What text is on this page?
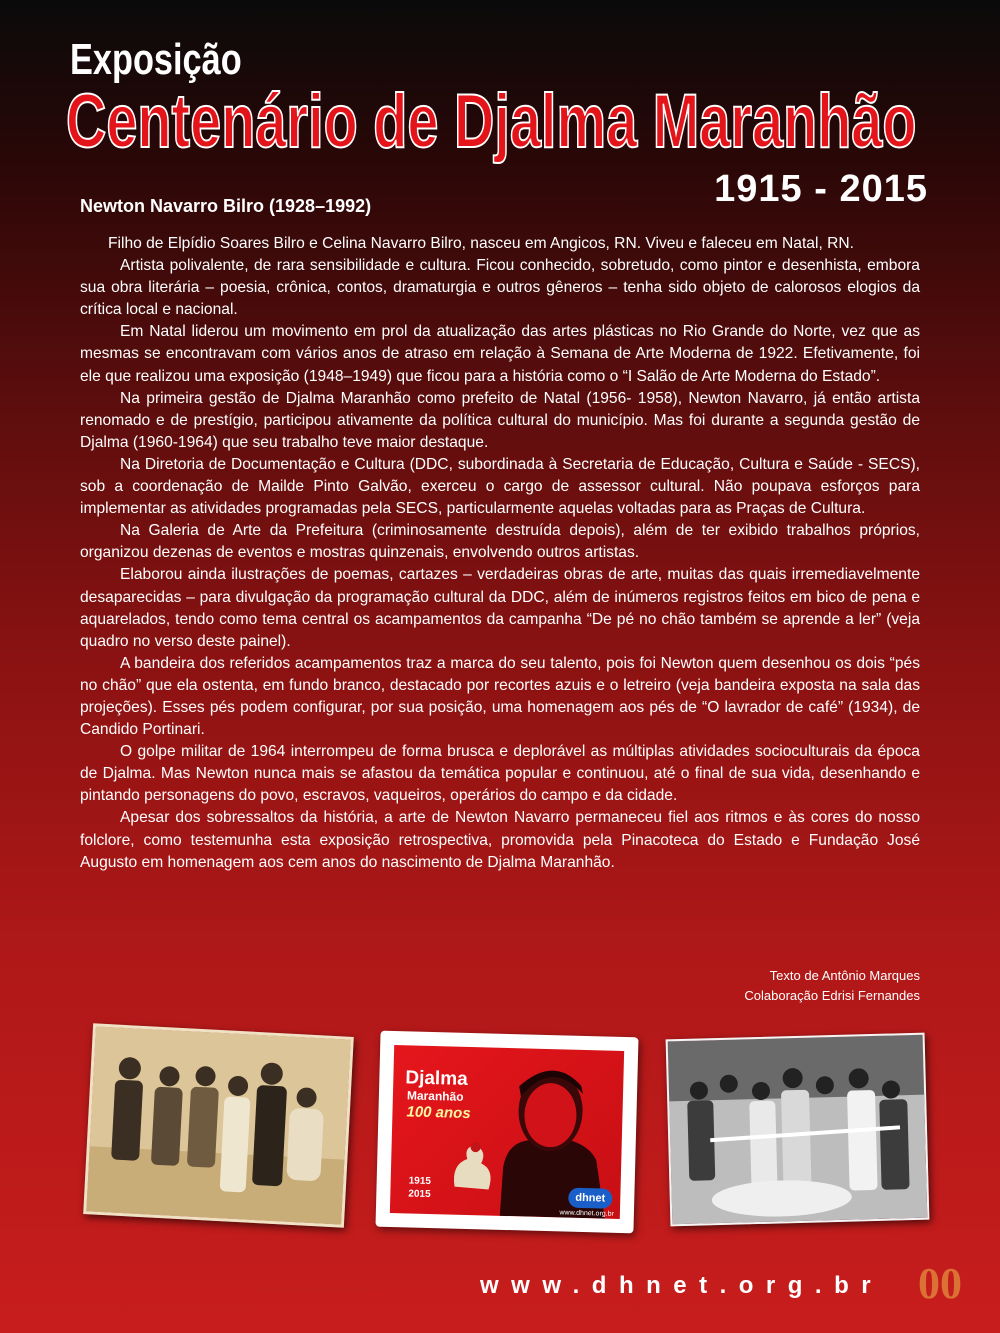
Exposição
Centenário de Djalma Maranhão
1915 - 2015
Newton Navarro Bilro (1928–1992)

Filho de Elpídio Soares Bilro e Celina Navarro Bilro, nasceu em Angicos, RN. Viveu e faleceu em Natal, RN.

Artista polivalente, de rara sensibilidade e cultura. Ficou conhecido, sobretudo, como pintor e desenhista, embora sua obra literária – poesia, crônica, contos, dramaturgia e outros gêneros – tenha sido objeto de calorosos elogios da crítica local e nacional.

Em Natal liderou um movimento em prol da atualização das artes plásticas no Rio Grande do Norte, vez que as mesmas se encontravam com vários anos de atraso em relação à Semana de Arte Moderna de 1922. Efetivamente, foi ele que realizou uma exposição (1948–1949) que ficou para a história como o “I Salão de Arte Moderna do Estado”.

Na primeira gestão de Djalma Maranhão como prefeito de Natal (1956- 1958), Newton Navarro, já então artista renomado e de prestígio, participou ativamente da política cultural do município. Mas foi durante a segunda gestão de Djalma (1960-1964) que seu trabalho teve maior destaque.

Na Diretoria de Documentação e Cultura (DDC, subordinada à Secretaria de Educação, Cultura e Saúde - SECS), sob a coordenação de Mailde Pinto Galvão, exerceu o cargo de assessor cultural. Não poupava esforços para implementar as atividades programadas pela SECS, particularmente aquelas voltadas para as Praças de Cultura.

Na Galeria de Arte da Prefeitura (criminosamente destruída depois), além de ter exibido trabalhos próprios, organizou dezenas de eventos e mostras quinzenais, envolvendo outros artistas.

Elaborou ainda ilustrações de poemas, cartazes – verdadeiras obras de arte, muitas das quais irremediavelmente desaparecidas – para divulgação da programação cultural da DDC, além de inúmeros registros feitos em bico de pena e aquarelados, tendo como tema central os acampamentos da campanha “De pé no chão também se aprende a ler” (veja quadro no verso deste painel).

A bandeira dos referidos acampamentos traz a marca do seu talento, pois foi Newton quem desenhou os dois “pés no chão” que ela ostenta, em fundo branco, destacado por recortes azuis e o letreiro (veja bandeira exposta na sala das projeções). Esses pés podem configurar, por sua posição, uma homenagem aos pés de “O lavrador de café” (1934), de Candido Portinari.

O golpe militar de 1964 interrompeu de forma brusca e deplorável as múltiplas atividades socioculturais da época de Djalma. Mas Newton nunca mais se afastou da temática popular e continuou, até o final de sua vida, desenhando e pintando personagens do povo, escravos, vaqueiros, operários do campo e da cidade.

Apesar dos sobressaltos da história, a arte de Newton Navarro permaneceu fiel aos ritmos e às cores do nosso folclore, como testemunha esta exposição retrospectiva, promovida pela Pinacoteca do Estado e Fundação José Augusto em homenagem aos cem anos do nascimento de Djalma Maranhão.

Texto de Antônio Marques
Colaboração Edrisi Fernandes
Djalma
Maranhão
100 anos
1915
2015	dhnet
www.dhnet.org.br
www.dhnet.org.br 00
